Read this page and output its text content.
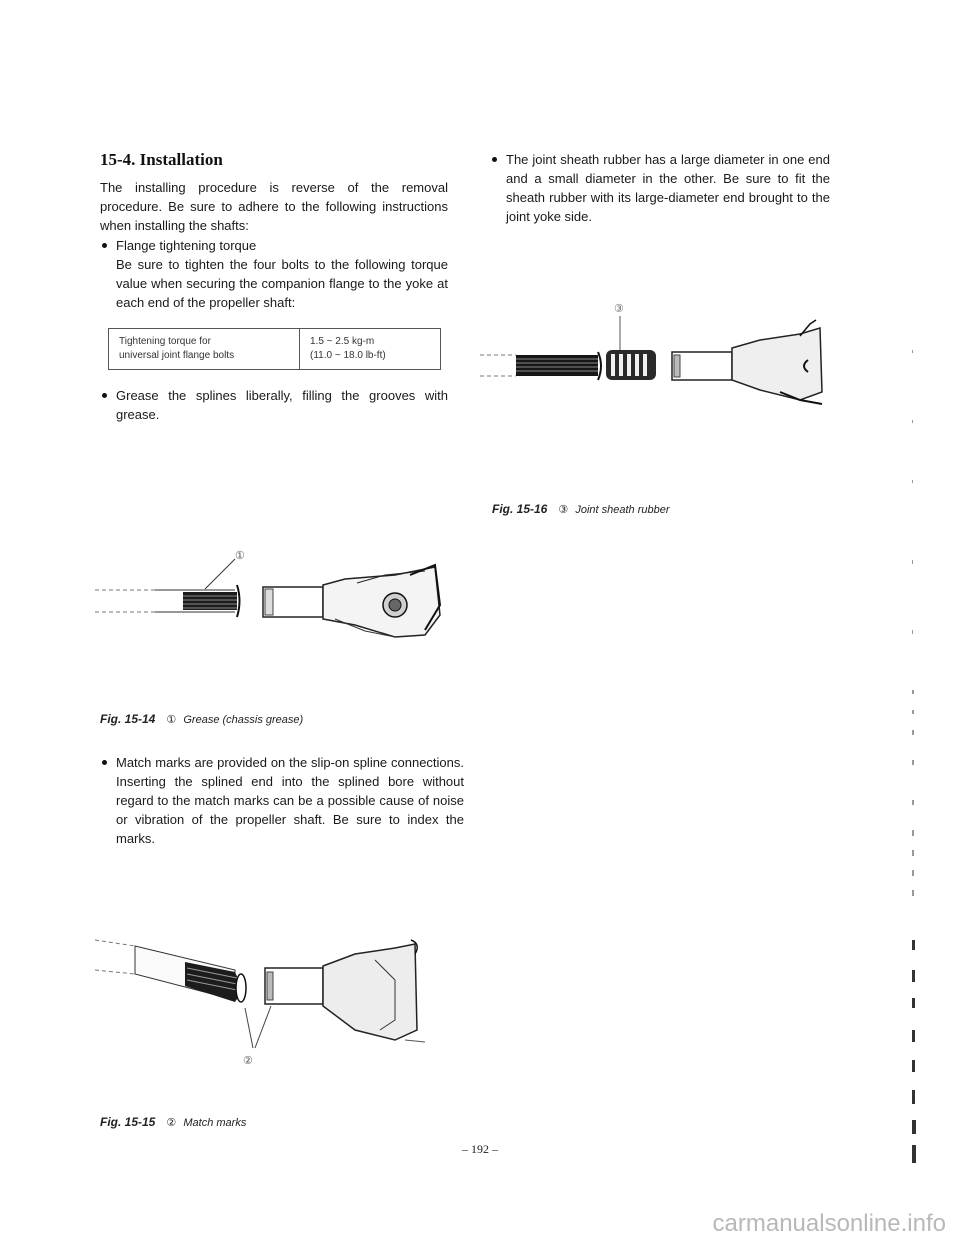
15-4. Installation

The installing procedure is reverse of the removal procedure. Be sure to adhere to the following instructions when installing the shafts:

Flange tightening torque
Be sure to tighten the four bolts to the following torque value when securing the companion flange to the yoke at each end of the propeller shaft:
Tightening torque for
universal joint flange bolts

1.5 ~ 2.5 kg-m
(11.0 ~ 18.0 lb-ft)
Grease the splines liberally, filling the grooves with grease.
①
Fig. 15-14 ① Grease (chassis grease)
Match marks are provided on the slip-on spline connections. Inserting the splined end into the splined bore without regard to the match marks can be a possible cause of noise or vibration of the propeller shaft. Be sure to index the marks.
②
Fig. 15-15 ② Match marks
The joint sheath rubber has a large diameter in one end and a small diameter in the other. Be sure to fit the sheath rubber with its large-diameter end brought to the joint yoke side.
③
Fig. 15-16 ③ Joint sheath rubber
– 192 –
carmanualsonline.info
